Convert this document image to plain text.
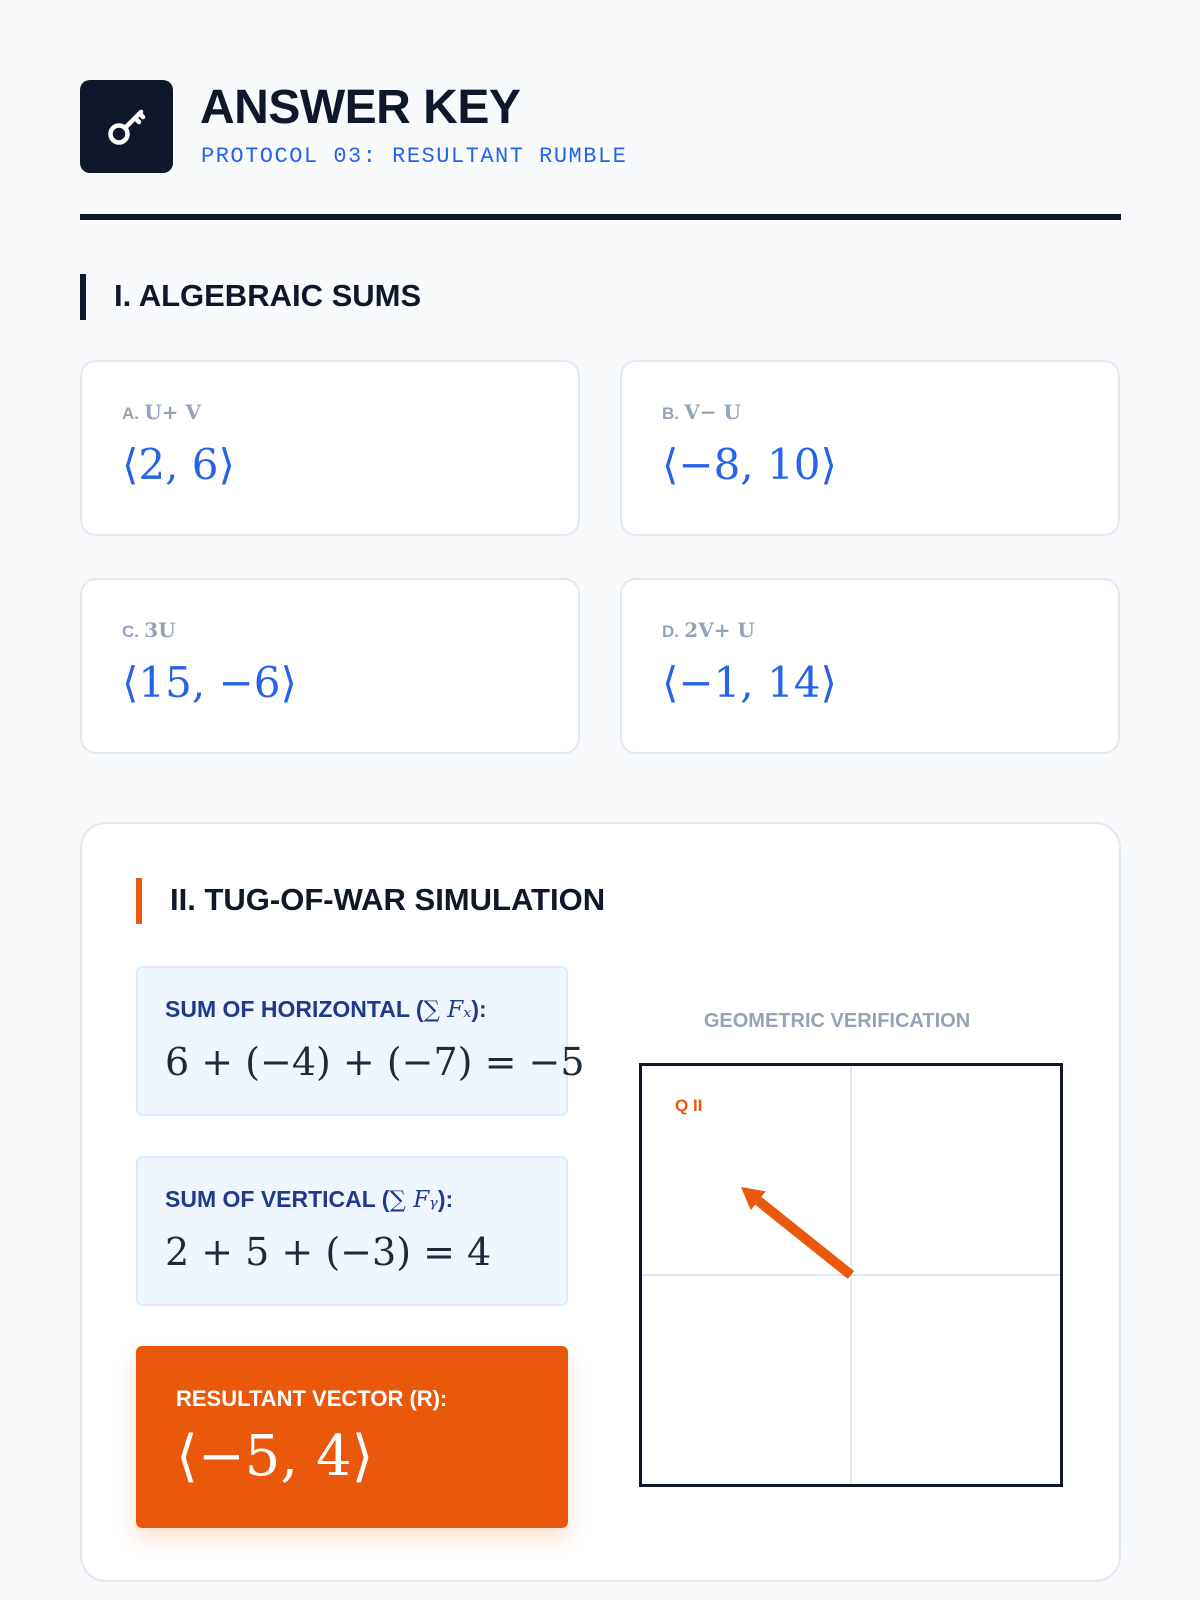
ANSWER KEY
PROTOCOL 03: RESULTANT RUMBLE
I. ALGEBRAIC SUMS
A. U+ V
⟨2, 6⟩
B. V− U
⟨−8, 10⟩
C. 3U
⟨15, −6⟩
D. 2V+ U
⟨−1, 14⟩
II. TUG-OF-WAR SIMULATION
SUM OF HORIZONTAL (∑ Fₓ):
6 + (−4) + (−7) = −5
SUM OF VERTICAL (∑ Fᵧ):
2 + 5 + (−3) = 4
RESULTANT VECTOR (R):
⟨−5, 4⟩
GEOMETRIC VERIFICATION
Q II
